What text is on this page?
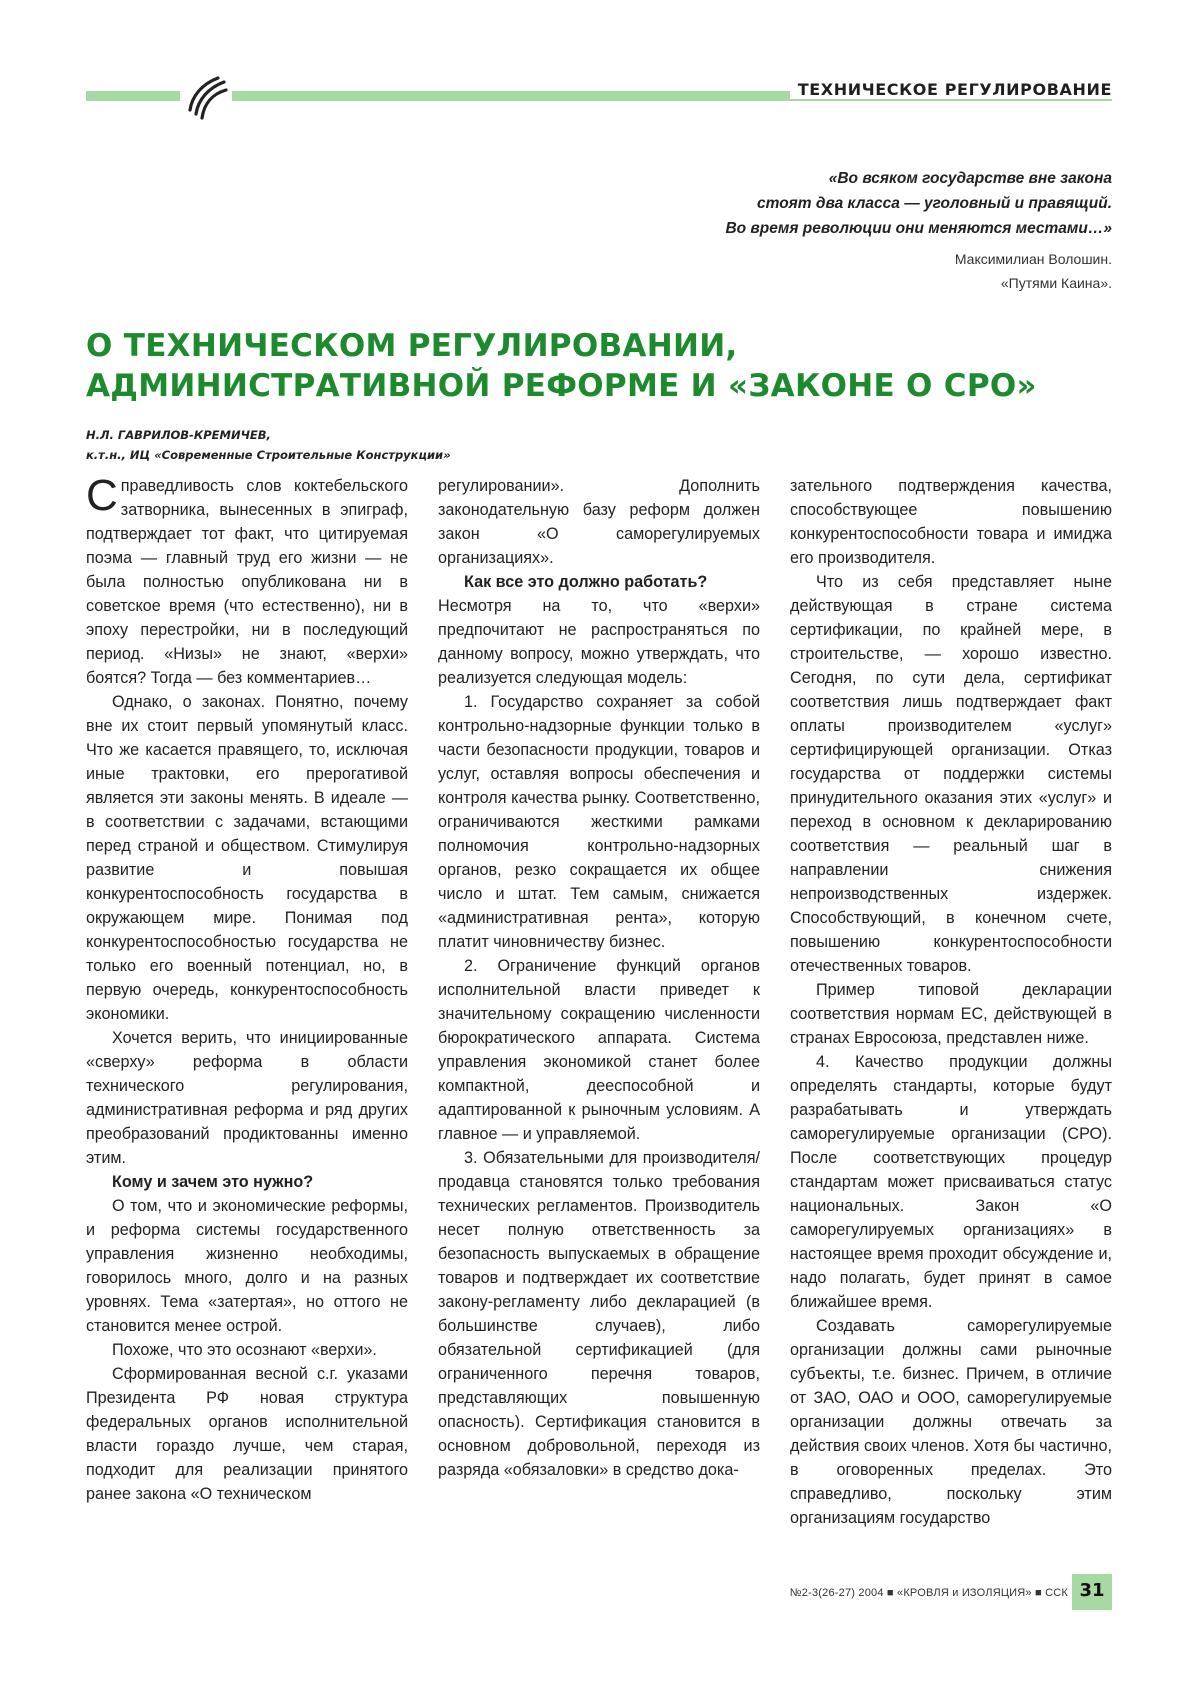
ТЕХНИЧЕСКОЕ РЕГУЛИРОВАНИЕ
«Во всяком государстве вне закона
стоят два класса — уголовный и правящий.
Во время революции они меняются местами…»
Максимилиан Волошин.
«Путями Каина».
О ТЕХНИЧЕСКОМ РЕГУЛИРОВАНИИ,
АДМИНИСТРАТИВНОЙ РЕФОРМЕ И «ЗАКОНЕ О СРО»
Н.Л. ГАВРИЛОВ-КРЕМИЧЕВ,
к.т.н., ИЦ «Современные Строительные Конструкции»

Справедливость слов коктебельского затворника, вынесенных в эпиграф, подтверждает тот факт, что цитируемая поэма — главный труд его жизни — не была полностью опубликована ни в советское время (что естественно), ни в эпоху перестройки, ни в последующий период. «Низы» не знают, «верхи» боятся? Тогда — без комментариев…

Однако, о законах. Понятно, почему вне их стоит первый упомянутый класс. Что же касается правящего, то, исключая иные трактовки, его прерогативой является эти законы менять. В идеале — в соответствии с задачами, встающими перед страной и обществом. Стимулируя развитие и повышая конкурентоспособность государства в окружающем мире. Понимая под конкурентоспособностью государства не только его военный потенциал, но, в первую очередь, конкурентоспособность экономики.

Хочется верить, что инициированные «сверху» реформа в области технического регулирования, административная реформа и ряд других преобразований продиктованны именно этим.

Кому и зачем это нужно?

О том, что и экономические реформы, и реформа системы государственного управления жизненно необходимы, говорилось много, долго и на разных уровнях. Тема «затертая», но оттого не становится менее острой.

Похоже, что это осознают «верхи».

Сформированная весной с.г. указами Президента РФ новая структура федеральных органов исполнительной власти гораздо лучше, чем старая, подходит для реализации принятого ранее закона «О техническом

регулировании». Дополнить законодательную базу реформ должен закон «О саморегулируемых организациях».

Как все это должно работать?

Несмотря на то, что «верхи» предпочитают не распространяться по данному вопросу, можно утверждать, что реализуется следующая модель:

1. Государство сохраняет за собой контрольно-надзорные функции только в части безопасности продукции, товаров и услуг, оставляя вопросы обеспечения и контроля качества рынку. Соответственно, ограничиваются жесткими рамками полномочия контрольно-надзорных органов, резко сокращается их общее число и штат. Тем самым, снижается «административная рента», которую платит чиновничеству бизнес.

2. Ограничение функций органов исполнительной власти приведет к значительному сокращению численности бюрократического аппарата. Система управления экономикой станет более компактной, дееспособной и адаптированной к рыночным условиям. А главное — и управляемой.

3. Обязательными для производителя/продавца становятся только требования технических регламентов. Производитель несет полную ответственность за безопасность выпускаемых в обращение товаров и подтверждает их соответствие закону-регламенту либо декларацией (в большинстве случаев), либо обязательной сертификацией (для ограниченного перечня товаров, представляющих повышенную опасность). Сертификация становится в основном добровольной, переходя из разряда «обязаловки» в средство дока-

зательного подтверждения качества, способствующее повышению конкурентоспособности товара и имиджа его производителя.

Что из себя представляет ныне действующая в стране система сертификации, по крайней мере, в строительстве, — хорошо известно. Сегодня, по сути дела, сертификат соответствия лишь подтверждает факт оплаты производителем «услуг» сертифицирующей организации. Отказ государства от поддержки системы принудительного оказания этих «услуг» и переход в основном к декларированию соответствия — реальный шаг в направлении снижения непроизводственных издержек. Способствующий, в конечном счете, повышению конкурентоспособности отечественных товаров.

Пример типовой декларации соответствия нормам ЕС, действующей в странах Евросоюза, представлен ниже.

4. Качество продукции должны определять стандарты, которые будут разрабатывать и утверждать саморегулируемые организации (СРО). После соответствующих процедур стандартам может присваиваться статус национальных. Закон «О саморегулируемых организациях» в настоящее время проходит обсуждение и, надо полагать, будет принят в самое ближайшее время.

Создавать саморегулируемые организации должны сами рыночные субъекты, т.е. бизнес. Причем, в отличие от ЗАО, ОАО и ООО, саморегулируемые организации должны отвечать за действия своих членов. Хотя бы частично, в оговоренных пределах. Это справедливо, поскольку этим организациям государство

№2-3(26-27) 2004 ■ «КРОВЛЯ и ИЗОЛЯЦИЯ» ■ ССК 31
